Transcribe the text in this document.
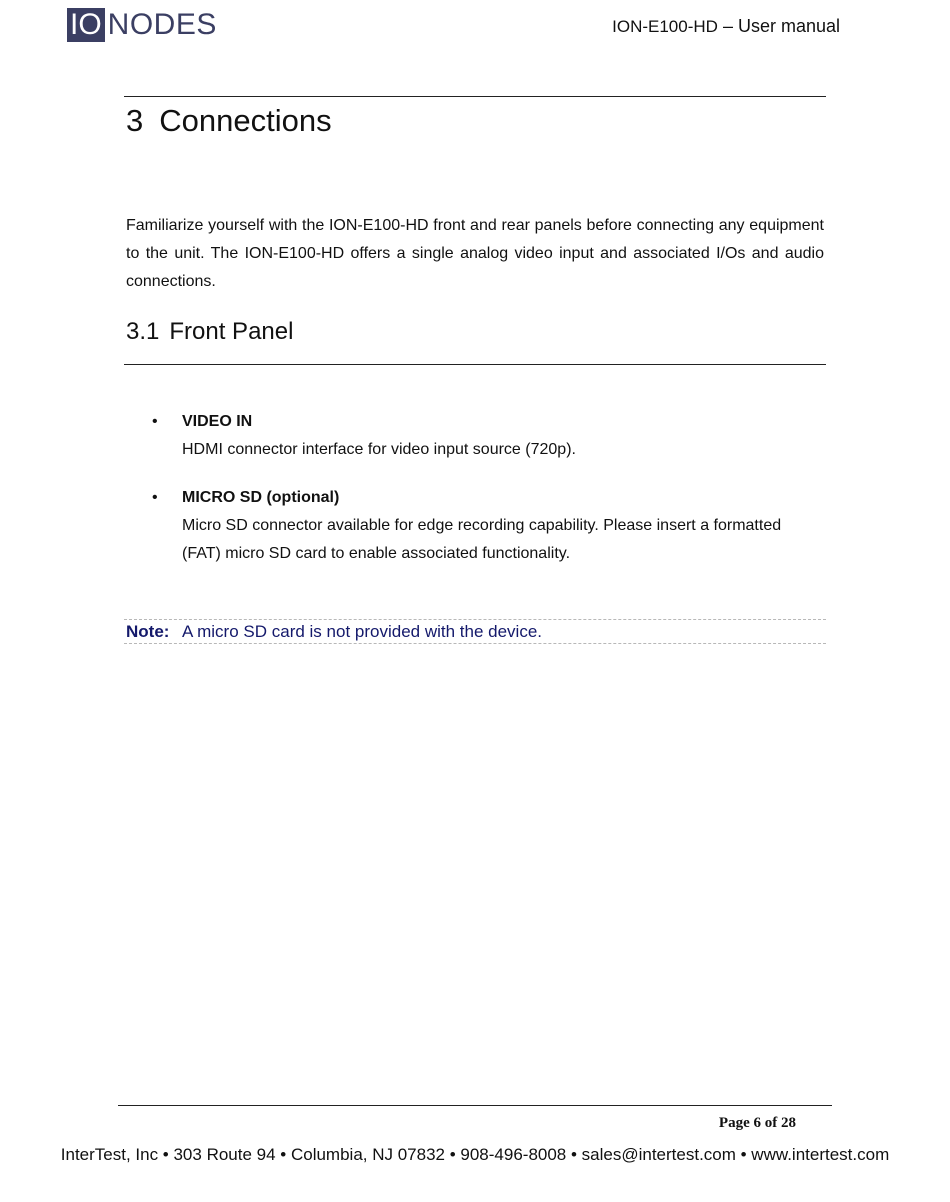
IO NODES	ION-E100-HD – User manual
3 Connections
Familiarize yourself with the ION-E100-HD front and rear panels before connecting any equipment to the unit. The ION-E100-HD offers a single analog video input and associated I/Os and audio connections.
3.1 Front Panel
•	VIDEO IN
HDMI connector interface for video input source (720p).
•	MICRO SD (optional)
Micro SD connector available for edge recording capability. Please insert a formatted (FAT) micro SD card to enable associated functionality.
Note: A micro SD card is not provided with the device.
Page 6 of 28
InterTest, Inc • 303 Route 94 • Columbia, NJ 07832 • 908-496-8008 • sales@intertest.com • www.intertest.com
